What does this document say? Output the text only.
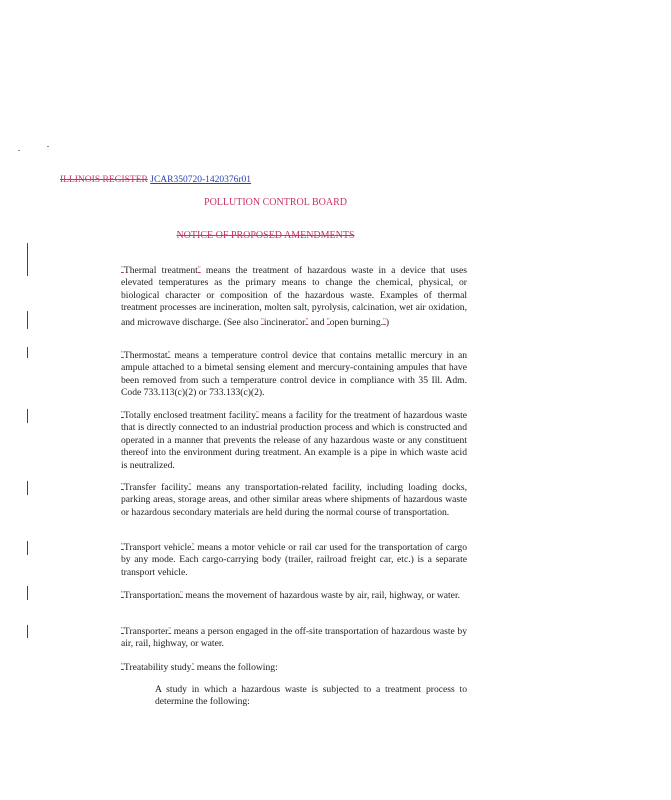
ILLINOIS REGISTER JCAR350720-1420376r01
POLLUTION CONTROL BOARD
NOTICE OF PROPOSED AMENDMENTS
"Thermal treatment" means the treatment of hazardous waste in a device that uses elevated temperatures as the primary means to change the chemical, physical, or biological character or composition of the hazardous waste. Examples of thermal treatment processes are incineration, molten salt, pyrolysis, calcination, wet air oxidation, and microwave discharge. (See also "incinerator" and "open burning.")
"Thermostat" means a temperature control device that contains metallic mercury in an ampule attached to a bimetal sensing element and mercury-containing ampules that have been removed from such a temperature control device in compliance with 35 Ill. Adm. Code 733.113(c)(2) or 733.133(c)(2).
"Totally enclosed treatment facility" means a facility for the treatment of hazardous waste that is directly connected to an industrial production process and which is constructed and operated in a manner that prevents the release of any hazardous waste or any constituent thereof into the environment during treatment. An example is a pipe in which waste acid is neutralized.
"Transfer facility" means any transportation-related facility, including loading docks, parking areas, storage areas, and other similar areas where shipments of hazardous waste or hazardous secondary materials are held during the normal course of transportation.
"Transport vehicle" means a motor vehicle or rail car used for the transportation of cargo by any mode. Each cargo-carrying body (trailer, railroad freight car, etc.) is a separate transport vehicle.
"Transportation" means the movement of hazardous waste by air, rail, highway, or water.
"Transporter" means a person engaged in the off-site transportation of hazardous waste by air, rail, highway, or water.
"Treatability study" means the following:
A study in which a hazardous waste is subjected to a treatment process to determine the following:
